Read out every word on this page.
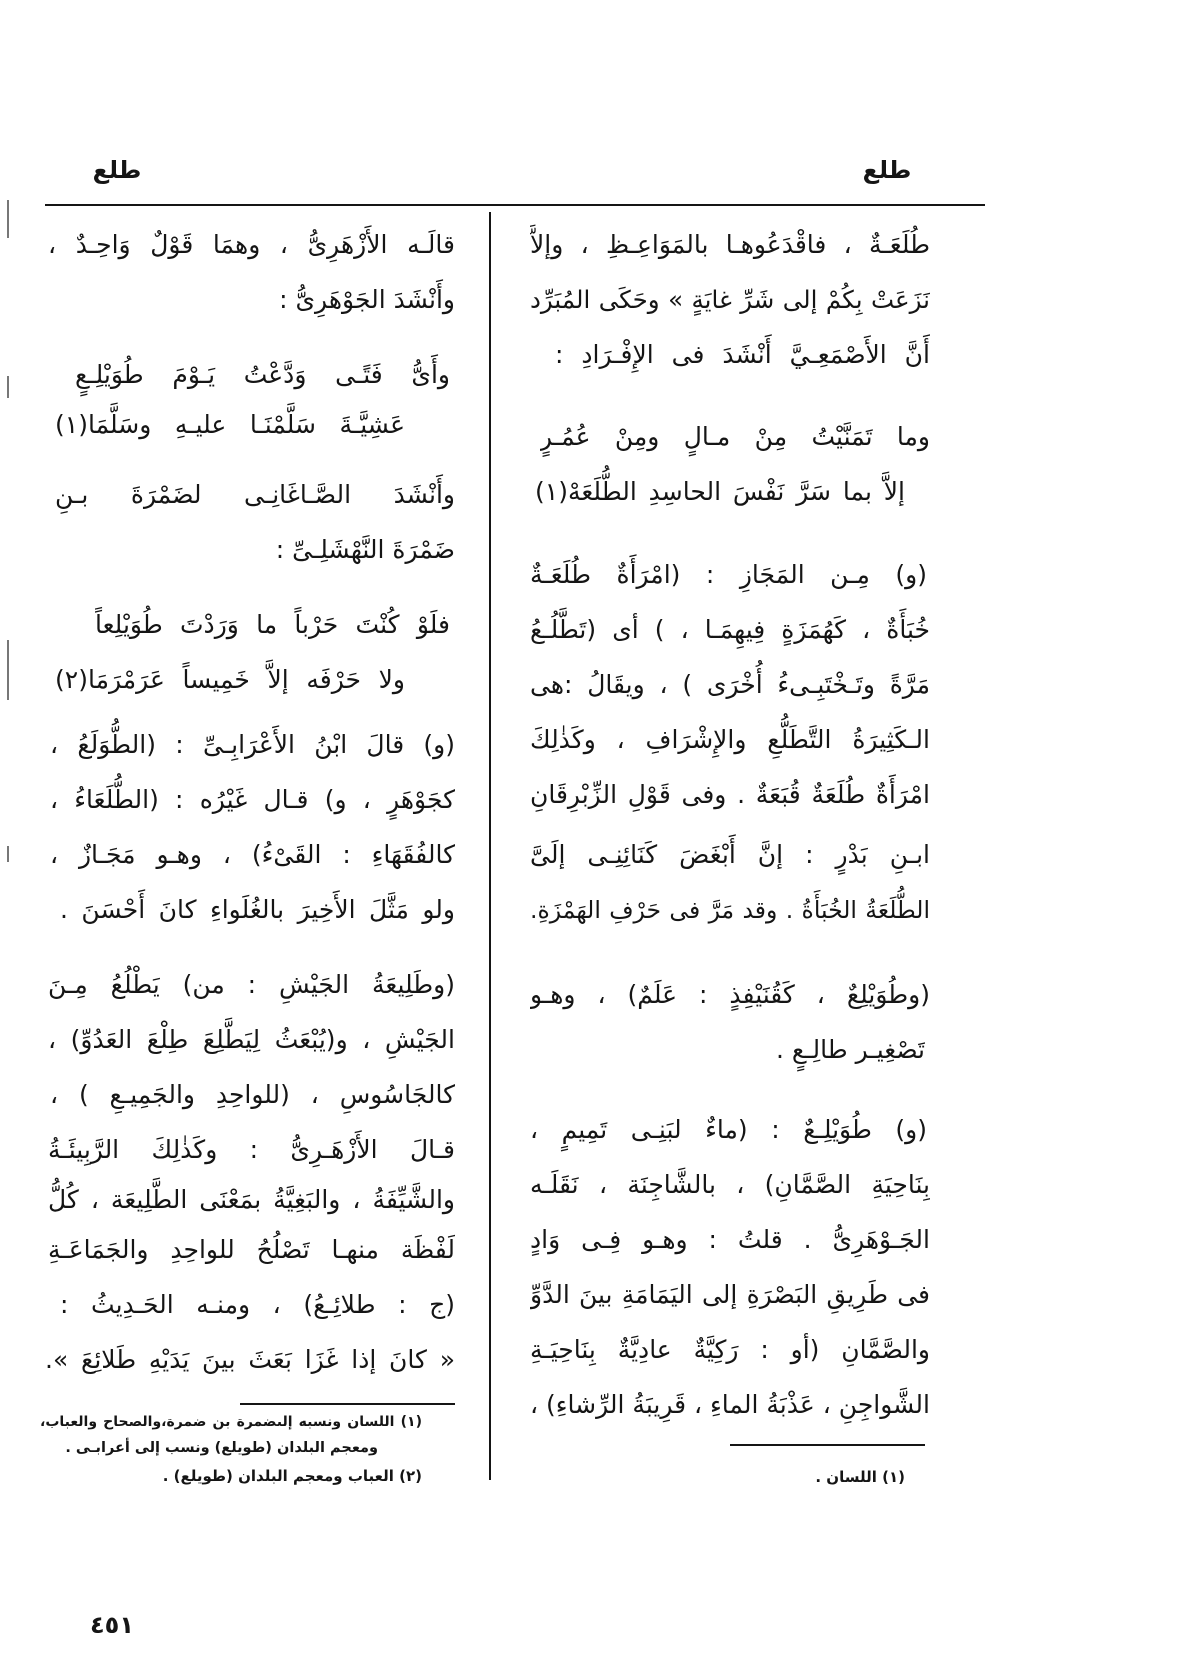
طلع
طلع
طُلَعَـةٌ ، فاقْدَعُوهـا بالمَوَاعِـظِ ، وإلاَّ
نَزَعَتْ بِكُمْ إلى شَرِّ غايَةٍ » وحَكَى المُبَرِّد
أَنَّ الأَصْمَعِـيَّ أَنْشَدَ فى الإِفْـرَادِ :
وما تَمَنَّيْتُ مِنْ مـالٍ ومِنْ عُمُـرٍ
إلاَّ بما سَرَّ نَفْسَ الحاسِدِ الطُّلَعَهْ(١)
(و) مِـن المَجَازِ : (امْرَأَةٌ طُلَعَـةٌ
خُبَأَةٌ ، كَهُمَزَةٍ فِيهِمَـا ، ) أى (تَطَّلُـعُ
مَرَّةً وتَـخْتَبِـىءُ أُخْرَى ) ، ويقَالُ :هى
الـكَثِيرَةُ التَّطَلُّعِ والإِشْرَافِ ، وكَذٰلِكَ
امْرَأَةٌ طُلَعَةٌ قُبَعَةٌ . وفى قَوْلِ الزِّبْرِقَانِ
ابـنِ بَدْرٍ : إنَّ أَبْغَضَ كَنَائِنِـى إلَىَّ
الطُّلَعَةُ الخُبَأَةُ . وقد مَرَّ فى حَرْفِ الهَمْزَةِ.
(وطُوَيْلِعٌ ، كَقُنَيْفِذٍ : عَلَمٌ) ، وهـو
تَصْغِيـر طالِـعٍ .
(و) طُوَيْلِـعٌ : (ماءٌ لبَنِـى تَمِيمٍ ،
بِنَاحِيَةِ الصَّمَّانِ) ، بالشَّاجِنَة ، نَقَلَـه
الجَـوْهَرِىُّ . قلتُ : وهـو فِـى وَادٍ
فى طَرِيقِ البَصْرَةِ إلى اليَمَامَةِ بينَ الدَّوِّ
والصَّمَّانِ (أو : رَكِيَّةٌ عادِيَّةٌ بِنَاحِيَـةِ
الشَّواجِنِ ، عَذْبَةُ الماءِ ، قَرِيبَةُ الرِّشاءِ) ،
(١) اللسان .
قالَـه الأَزْهَرِىُّ ، وهمَا قَوْلٌ وَاحِـدٌ ،
وأَنْشَدَ الجَوْهَرِىُّ :
وأَىُّ فَتًـى وَدَّعْتُ يَـوْمَ طُوَيْلِـعٍ
عَشِيَّـةَ سَلَّمْنَـا عليـهِ وسَلَّمَا(١)
وأَنْشَدَ الصَّـاغَانِـى لضَمْرَةَ بـنِ
ضَمْرَةَ النَّهْشَلِـىِّ :
فلَوْ كُنْتَ حَرْباً ما وَرَدْتَ طُوَيْلِعاً
ولا حَرْفَه إلاَّ خَمِيساً عَرَمْرَمَا(٢)
(و) قالَ ابْنُ الأَعْرَابِـىِّ : (الطُّوَلَعُ ،
كجَوْهَرٍ ، و) قـال غَيْرُه : (الطُّلَعَاءُ ،
كالفُقَهَاءِ : القَىْءُ) ، وهـو مَجَـازٌ ،
ولو مَثَّلَ الأَخِيرَ بالغُلَواءِ كانَ أَحْسَنَ .
(وطَلِيعَةُ الجَيْشِ : من) يَطْلُعُ مِـنَ
الجَيْشِ ، و(يُبْعَثُ لِيَطَّلِعَ طِلْعَ العَدُوِّ) ،
كالجَاسُوسِ ، (للواحِدِ والجَمِيـعِ ) ،
قـالَ الأَزْهَـرِىُّ : وكَذٰلِكَ الرَّبِيئَـةُ
والشَّيِّفَةُ ، والبَغِيَّةُ بمَعْنَى الطَّلِيعَة ، كُلُّ
لَفْظَة منهـا تَصْلُحُ للواحِدِ والجَمَاعَـةِ
(ج : طلائِـعُ) ، ومنـه الحَـدِيثُ :
« كانَ إذا غَزَا بَعَثَ بينَ يَدَيْهِ طَلائِعَ ».
(١) اللسان ونسبه إلىضمرة بن ضمرة،والصحاح والعباب،
ومعجم البلدان (طويلع) ونسب إلى أعرابـى .
(٢) العباب ومعجم البلدان (طويلع) .
٤٥١
